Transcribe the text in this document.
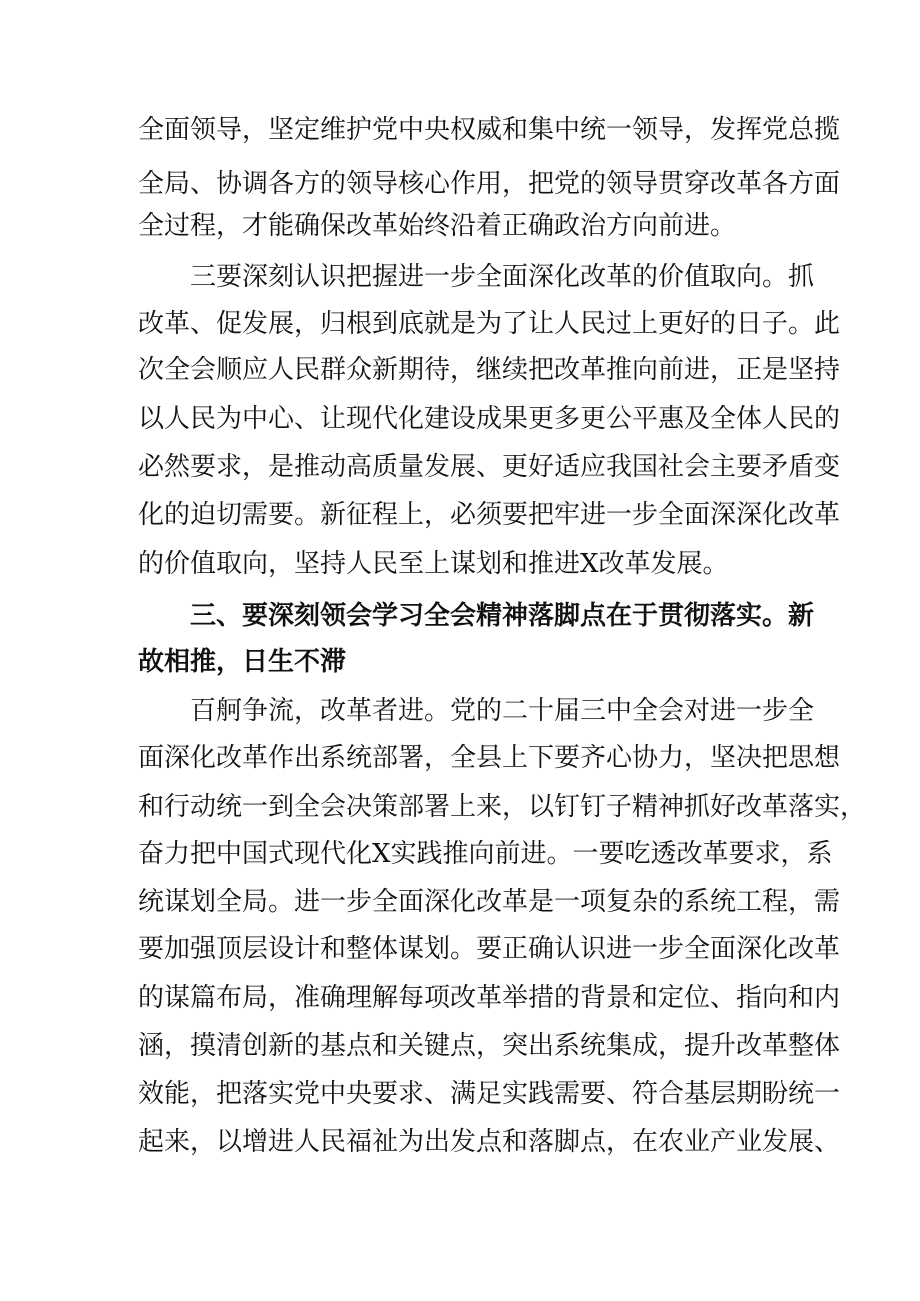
全面领导，坚定维护党中央权威和集中统一领导，发挥党总揽
全局、协调各方的领导核心作用，把党的领导贯穿改革各方面
全过程，才能确保改革始终沿着正确政治方向前进。
三要深刻认识把握进一步全面深化改革的价值取向。抓
改革、促发展，归根到底就是为了让人民过上更好的日子。此
次全会顺应人民群众新期待，继续把改革推向前进，正是坚持
以人民为中心、让现代化建设成果更多更公平惠及全体人民的
必然要求，是推动高质量发展、更好适应我国社会主要矛盾变
化的迫切需要。新征程上，必须要把牢进一步全面深深化改革
的价值取向，坚持人民至上谋划和推进X改革发展。
三、要深刻领会学习全会精神落脚点在于贯彻落实。新
故相推，日生不滞
百舸争流，改革者进。党的二十届三中全会对进一步全
面深化改革作出系统部署，全县上下要齐心协力，坚决把思想
和行动统一到全会决策部署上来，以钉钉子精神抓好改革落实，
奋力把中国式现代化X实践推向前进。一要吃透改革要求，系
统谋划全局。进一步全面深化改革是一项复杂的系统工程，需
要加强顶层设计和整体谋划。要正确认识进一步全面深化改革
的谋篇布局，准确理解每项改革举措的背景和定位、指向和内
涵，摸清创新的基点和关键点，突出系统集成，提升改革整体
效能，把落实党中央要求、满足实践需要、符合基层期盼统一
起来，以增进人民福祉为出发点和落脚点，在农业产业发展、
